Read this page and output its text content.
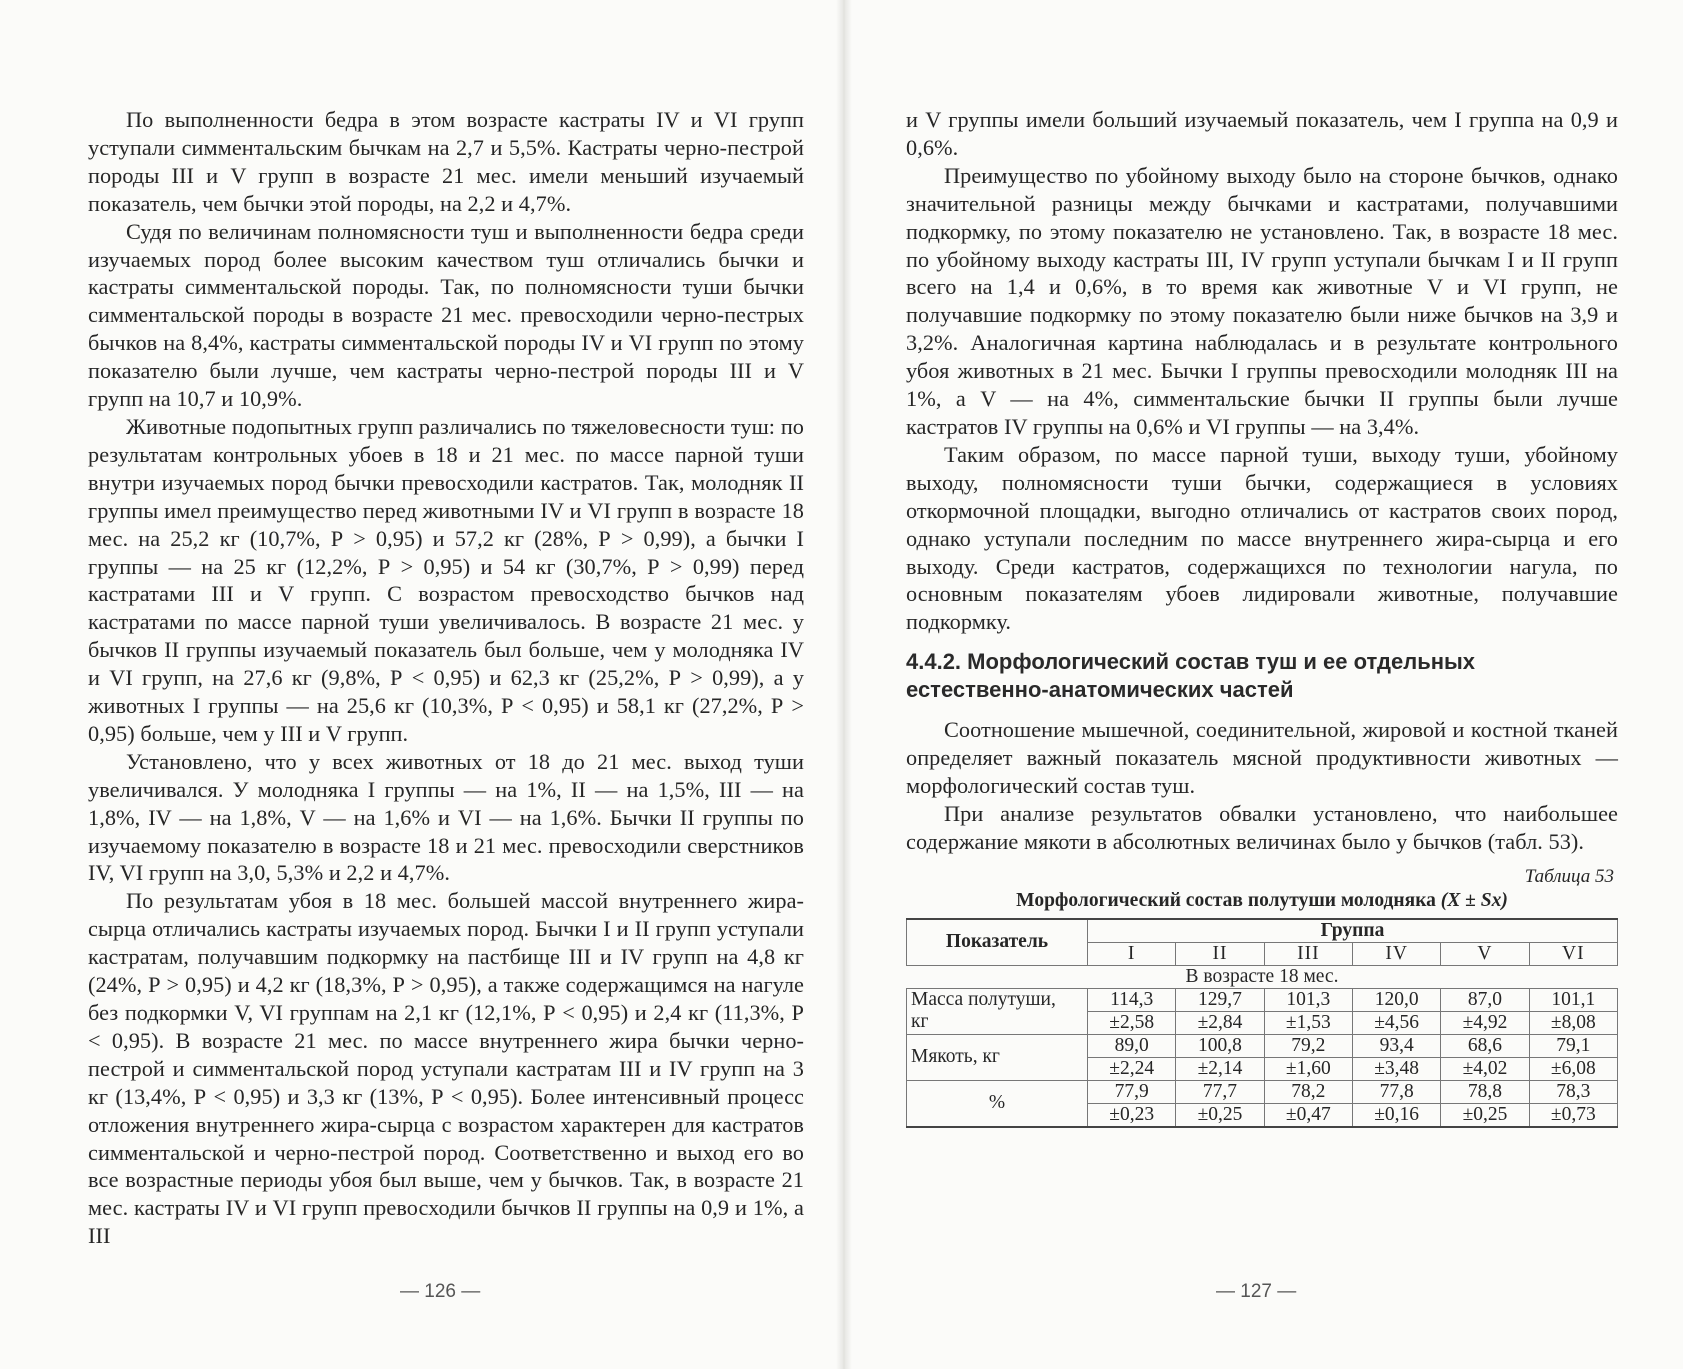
По выполненности бедра в этом возрасте кастраты IV и VI групп уступали симментальским бычкам на 2,7 и 5,5%. Кастраты черно-пестрой породы III и V групп в возрасте 21 мес. имели меньший изучаемый показатель, чем бычки этой породы, на 2,2 и 4,7%.

Судя по величинам полномясности туш и выполненности бедра среди изучаемых пород более высоким качеством туш отличались бычки и кастраты симментальской породы. Так, по полномясности туши бычки симментальской породы в возрасте 21 мес. превосходили черно-пестрых бычков на 8,4%, кастраты симментальской породы IV и VI групп по этому показателю были лучше, чем кастраты черно-пестрой породы III и V групп на 10,7 и 10,9%.

Животные подопытных групп различались по тяжеловесности туш: по результатам контрольных убоев в 18 и 21 мес. по массе парной туши внутри изучаемых пород бычки превосходили кастратов. Так, молодняк II группы имел преимущество перед животными IV и VI групп в возрасте 18 мес. на 25,2 кг (10,7%, Р > 0,95) и 57,2 кг (28%, Р > 0,99), а бычки I группы — на 25 кг (12,2%, Р > 0,95) и 54 кг (30,7%, Р > 0,99) перед кастратами III и V групп. С возрастом превосходство бычков над кастратами по массе парной туши увеличивалось. В возрасте 21 мес. у бычков II группы изучаемый показатель был больше, чем у молодняка IV и VI групп, на 27,6 кг (9,8%, Р < 0,95) и 62,3 кг (25,2%, Р > 0,99), а у животных I группы — на 25,6 кг (10,3%, Р < 0,95) и 58,1 кг (27,2%, Р > 0,95) больше, чем у III и V групп.

Установлено, что у всех животных от 18 до 21 мес. выход туши увеличивался. У молодняка I группы — на 1%, II — на 1,5%, III — на 1,8%, IV — на 1,8%, V — на 1,6% и VI — на 1,6%. Бычки II группы по изучаемому показателю в возрасте 18 и 21 мес. превосходили сверстников IV, VI групп на 3,0, 5,3% и 2,2 и 4,7%.

По результатам убоя в 18 мес. большей массой внутреннего жира-сырца отличались кастраты изучаемых пород. Бычки I и II групп уступали кастратам, получавшим подкормку на пастбище III и IV групп на 4,8 кг (24%, Р > 0,95) и 4,2 кг (18,3%, Р > 0,95), а также содержащимся на нагуле без подкормки V, VI группам на 2,1 кг (12,1%, Р < 0,95) и 2,4 кг (11,3%, Р < 0,95). В возрасте 21 мес. по массе внутреннего жира бычки черно-пестрой и симментальской пород уступали кастратам III и IV групп на 3 кг (13,4%, Р < 0,95) и 3,3 кг (13%, Р < 0,95). Более интенсивный процесс отложения внутреннего жира-сырца с возрастом характерен для кастратов симментальской и черно-пестрой пород. Соответственно и выход его во все возрастные периоды убоя был выше, чем у бычков. Так, в возрасте 21 мес. кастраты IV и VI групп превосходили бычков II группы на 0,9 и 1%, а III

— 126 —

и V группы имели больший изучаемый показатель, чем I группа на 0,9 и 0,6%.

Преимущество по убойному выходу было на стороне бычков, однако значительной разницы между бычками и кастратами, получавшими подкормку, по этому показателю не установлено. Так, в возрасте 18 мес. по убойному выходу кастраты III, IV групп уступали бычкам I и II групп всего на 1,4 и 0,6%, в то время как животные V и VI групп, не получавшие подкормку по этому показателю были ниже бычков на 3,9 и 3,2%. Аналогичная картина наблюдалась и в результате контрольного убоя животных в 21 мес. Бычки I группы превосходили молодняк III на 1%, а V — на 4%, симментальские бычки II группы были лучше кастратов IV группы на 0,6% и VI группы — на 3,4%.

Таким образом, по массе парной туши, выходу туши, убойному выходу, полномясности туши бычки, содержащиеся в условиях откормочной площадки, выгодно отличались от кастратов своих пород, однако уступали последним по массе внутреннего жира-сырца и его выходу. Среди кастратов, содержащихся по технологии нагула, по основным показателям убоев лидировали животные, получавшие подкормку.

4.4.2. Морфологический состав туш и ее отдельных
естественно-анатомических частей

Соотношение мышечной, соединительной, жировой и костной тканей определяет важный показатель мясной продуктивности животных — морфологический состав туш.

При анализе результатов обвалки установлено, что наибольшее содержание мякоти в абсолютных величинах было у бычков (табл. 53).

Таблица 53
Морфологический состав полутуши молодняка (X ± Sx)
Показатель	Группа					
	I	II	III	IV	V	VI
В возрасте 18 мес.						

Масса полутуши,
кг	114,3	129,7	101,3	120,0	87,0	101,1
	±2,58	±2,84	±1,53	±4,56	±4,92	±8,08
Мякоть, кг	89,0	100,8	79,2	93,4	68,6	79,1
	±2,24	±2,14	±1,60	±3,48	±4,02	±6,08
%	77,9	77,7	78,2	77,8	78,8	78,3
	±0,23	±0,25	±0,47	±0,16	±0,25	±0,73
— 127 —
